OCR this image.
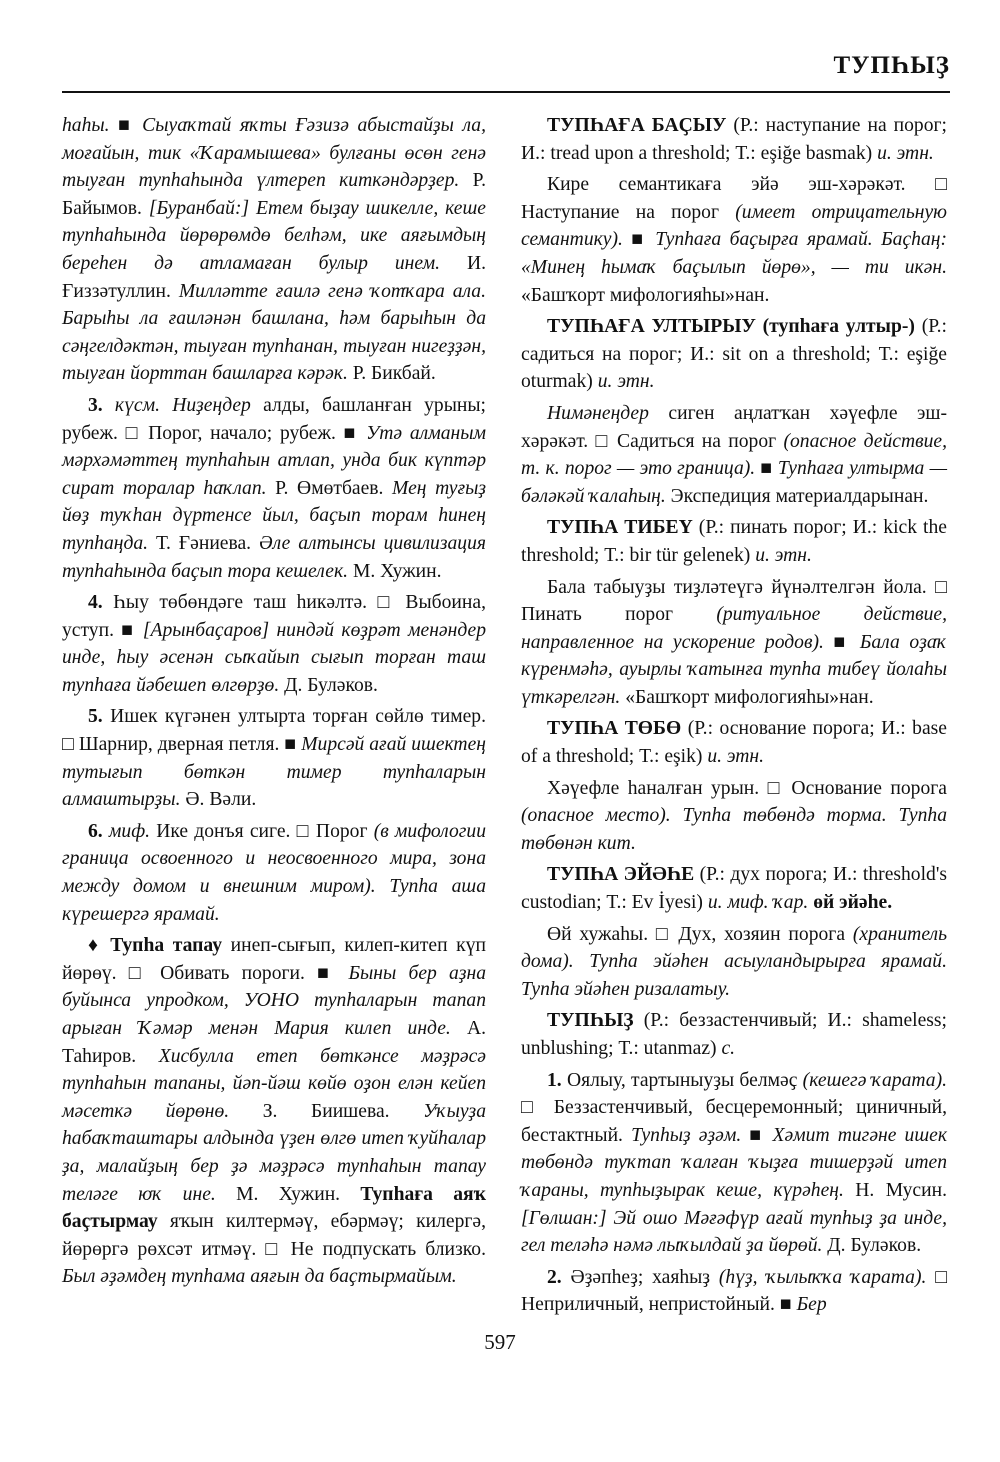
ТУПҺЫҘ

һаһы. ■ Сыуаҡтай яҡты Ғәзизә абыстайҙы ла, моғайын, тик «Ҡарамышева» булғаны өсөн генә тыуған тупһаһында үлтереп киткәндәрҙер. Р. Байымов. [Буранбай:] Етем быҙау шикелле, кеше тупһаһында йөрөрөмдө белһәм, ике аяғымдың береһен дә атламаған булыр инем. И. Ғиззәтуллин. Милләтте ғаилә генә ҡотҡара ала. Барыһы ла ғаиләнән башлана, һәм барыһын да сәңгелдәктән, тыуған тупһанан, тыуған нигеҙҙән, тыуған йорттан башларға кәрәк. Р. Бикбай.

3. күсм. Ниҙеңдер алды, башланған урыны; рубеж. □ Порог, начало; рубеж. ■ Утә алманым мәрхәмәттең тупһаһын атлап, унда бик күптәр сират торалар һаҡлап. Р. Өмөтбаев. Мең туғыҙ йөҙ туҡһан дүртенсе йыл, баҫып торам һинең тупһаңда. Т. Ғәниева. Әле алтынсы цивилизация тупһаһында баҫып тора кешелек. М. Хужин.

4. Һыу төбөндәге таш һикәлтә. □ Выбоина, уступ. ■ [Арынбаҫаров] ниндәй көҙрәт менәндер инде, һыу әсенән сыҡайып сығып торған таш тупһаға йәбешеп өлгөрҙө. Д. Буләков.

5. Ишек күгәнен ултырта торған сөйлө тимер. □ Шарнир, дверная петля. ■ Мирсәй ағай ишектең тутығып бөткән тимер тупһаларын алмаштырҙы. Ә. Вәли.

6. миф. Ике донъя сиге. □ Порог (в мифологии граница освоенного и неосвоенного мира, зона между домом и внешним миром). Тупһа аша күрешергә ярамай.

♦ Тупһа тапау инеп-сығып, килеп-китеп күп йөрөү. □ Обивать пороги. ■ Быны бер аҙна буйынса упродком, УОНО тупһаларын тапап арыған Ҡәмәр менән Мария килеп инде. А. Таһиров. Хисбулла етеп бөткәнсе мәҙрәсә тупһаһын тапаны, йәп-йәш көйө оҙон елән кейеп мәсеткә йөрөнө. З. Биишева. Уҡыуҙа һабаҡташтары алдында үҙен өлгө итеп ҡуйһалар ҙа, малайҙың бер ҙә мәҙрәсә тупһаһын тапау теләге юҡ ине. М. Хужин. Тупһаға аяҡ баҫтырмау яҡын килтермәү, ебәрмәү; килергә, йөрөргә рөхсәт итмәү. □ Не подпускать близко. Был әҙәмдең тупһама аяғын да баҫтырмайым.

ТУПҺАҒА БАҪЫУ (Р.: наступание на порог; И.: tread upon a threshold; Т.: eşiğe basmak) и. этн.

Кире семантикаға эйә эш-хәрәкәт. □ Наступание на порог (имеет отрицательную семантику). ■ Тупһаға баҫырға ярамай. Баҫһаң: «Минең һымаҡ баҫылып йөрө», — ти икән. «Башҡорт мифологияһы»нан.

ТУПҺАҒА УЛТЫРЫУ (тупһаға ултыр-) (Р.: садиться на порог; И.: sit on a threshold; Т.: eşiğe oturmak) и. этн.

Нимәнеңдер сиген аңлатҡан хәүефле эш-хәрәкәт. □ Садиться на порог (опасное действие, т. к. порог — это граница). ■ Тупһаға ултырма — бәләкәй ҡалаһың. Экспедиция материалдарынан.

ТУПҺА ТИБЕҮ (Р.: пинать порог; И.: kick the threshold; Т.: bir tür gelenek) и. этн.

Бала табыуҙы тиҙләтеүгә йүнәлтелгән йола. □ Пинать порог (ритуальное действие, направленное на ускорение родов). ■ Бала оҙаҡ күренмәһә, ауырлы ҡатынға тупһа тибеү йолаһы үткәрелгән. «Башҡорт мифологияһы»нан.

ТУПҺА ТӨБӨ (Р.: основание порога; И.: base of a threshold; Т.: eşik) и. этн.

Хәүефле һаналған урын. □ Основание порога (опасное место). Тупһа төбөндә торма. Тупһа төбөнән кит.

ТУПҺА ЭЙӘҺЕ (Р.: дух порога; И.: threshold's custodian; Т.: Ev İyesi) и. миф. ҡар. өй эйәһе.

Өй хужаһы. □ Дух, хозяин порога (хранитель дома). Тупһа эйәһен асыуландырырға ярамай. Тупһа эйәһен ризалатыу.

ТУПҺЫҘ (Р.: беззастенчивый; И.: shameless; unblushing; Т.: utanmaz) с.

1. Оялыу, тартыныуҙы белмәҫ (кешегә ҡарата). □ Беззастенчивый, бесцеремонный; циничный, бестактный. Тупһыҙ әҙәм. ■ Хәмит тигәне ишек төбөндә туҡтап ҡалған ҡыҙға тишерҙәй итеп ҡараны, тупһыҙырак кеше, күрәһең. Н. Мусин. [Гөлшан:] Эй ошо Мәғәфүр ағай тупһыҙ ҙа инде, гел теләһә нәмә лыҡылдай ҙа йөрөй. Д. Буләков.

2. Әҙәпһеҙ; хаяһыҙ (һүҙ, ҡылыҡҡа ҡарата). □ Неприличный, непристойный. ■ Бер

597
